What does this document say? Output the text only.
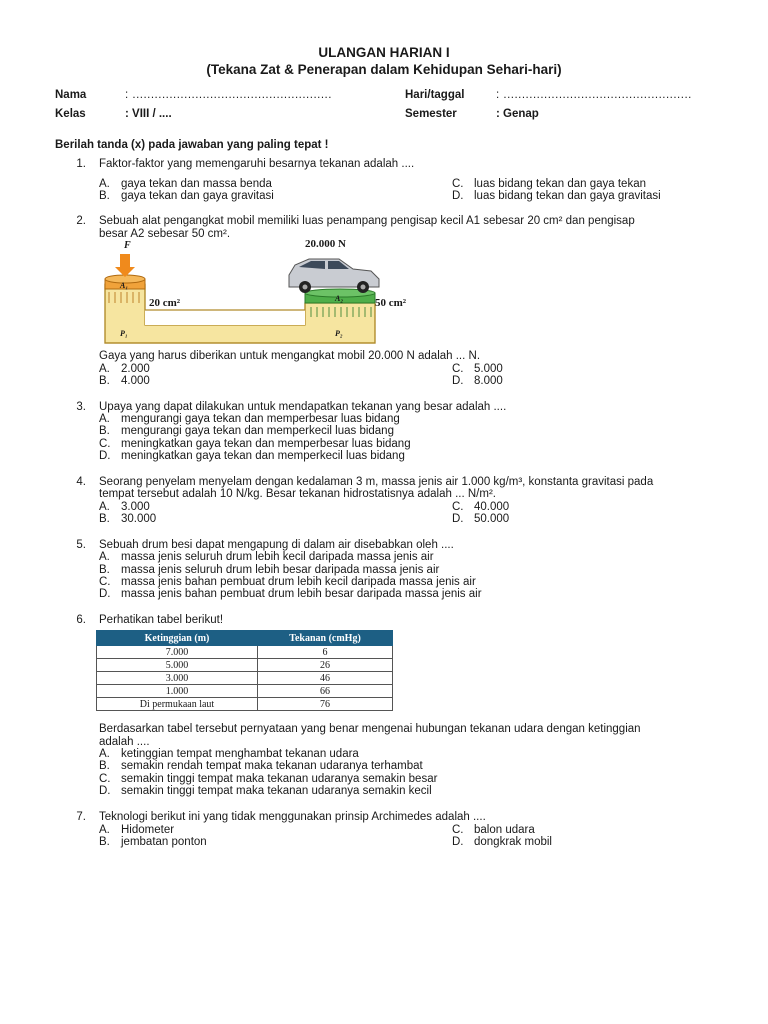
ULANGAN HARIAN I
(Tekana Zat & Penerapan dalam Kehidupan Sehari-hari)
Nama	: ......................................................	Hari/taggal	: ...................................................
Kelas	: VIII / ....	Semester	: Genap
Berilah tanda (x) pada jawaban yang paling tepat !
1. Faktor-faktor yang memengaruhi besarnya tekanan adalah ....
A. gaya tekan dan massa benda
B. gaya tekan dan gaya gravitasi
C. luas bidang tekan dan gaya tekan
D. luas bidang tekan dan gaya gravitasi
2. Sebuah alat pengangkat mobil memiliki luas penampang pengisap kecil A1 sebesar 20 cm² dan pengisap
besar A2 sebesar 50 cm².
F	20.000 N
20 cm²	50 cm²
A₁
A₂
P₁	P₂
Gaya yang harus diberikan untuk mengangkat mobil 20.000 N adalah ... N.
A. 2.000
B. 4.000
C. 5.000
D. 8.000
3. Upaya yang dapat dilakukan untuk mendapatkan tekanan yang besar adalah ....
A. mengurangi gaya tekan dan memperbesar luas bidang
B. mengurangi gaya tekan dan memperkecil luas bidang
C. meningkatkan gaya tekan dan memperbesar luas bidang
D. meningkatkan gaya tekan dan memperkecil luas bidang
4. Seorang penyelam menyelam dengan kedalaman 3 m, massa jenis air 1.000 kg/m³, konstanta gravitasi pada
tempat tersebut adalah 10 N/kg. Besar tekanan hidrostatisnya adalah ... N/m².
A. 3.000
B. 30.000
C. 40.000
D. 50.000
5. Sebuah drum besi dapat mengapung di dalam air disebabkan oleh ....
A. massa jenis seluruh drum lebih kecil daripada massa jenis air
B. massa jenis seluruh drum lebih besar daripada massa jenis air
C. massa jenis bahan pembuat drum lebih kecil daripada massa jenis air
D. massa jenis bahan pembuat drum lebih besar daripada massa jenis air
6. Perhatikan tabel berikut!
Ketinggian (m)	Tekanan (cmHg)
7.000	6
5.000	26
3.000	46
1.000	66
Di permukaan laut	76
Berdasarkan tabel tersebut pernyataan yang benar mengenai hubungan tekanan udara dengan ketinggian
adalah ....
A. ketinggian tempat menghambat tekanan udara
B. semakin rendah tempat maka tekanan udaranya terhambat
C. semakin tinggi tempat maka tekanan udaranya semakin besar
D. semakin tinggi tempat maka tekanan udaranya semakin kecil
7. Teknologi berikut ini yang tidak menggunakan prinsip Archimedes adalah ....
A. Hidometer
B. jembatan ponton
C. balon udara
D. dongkrak mobil
